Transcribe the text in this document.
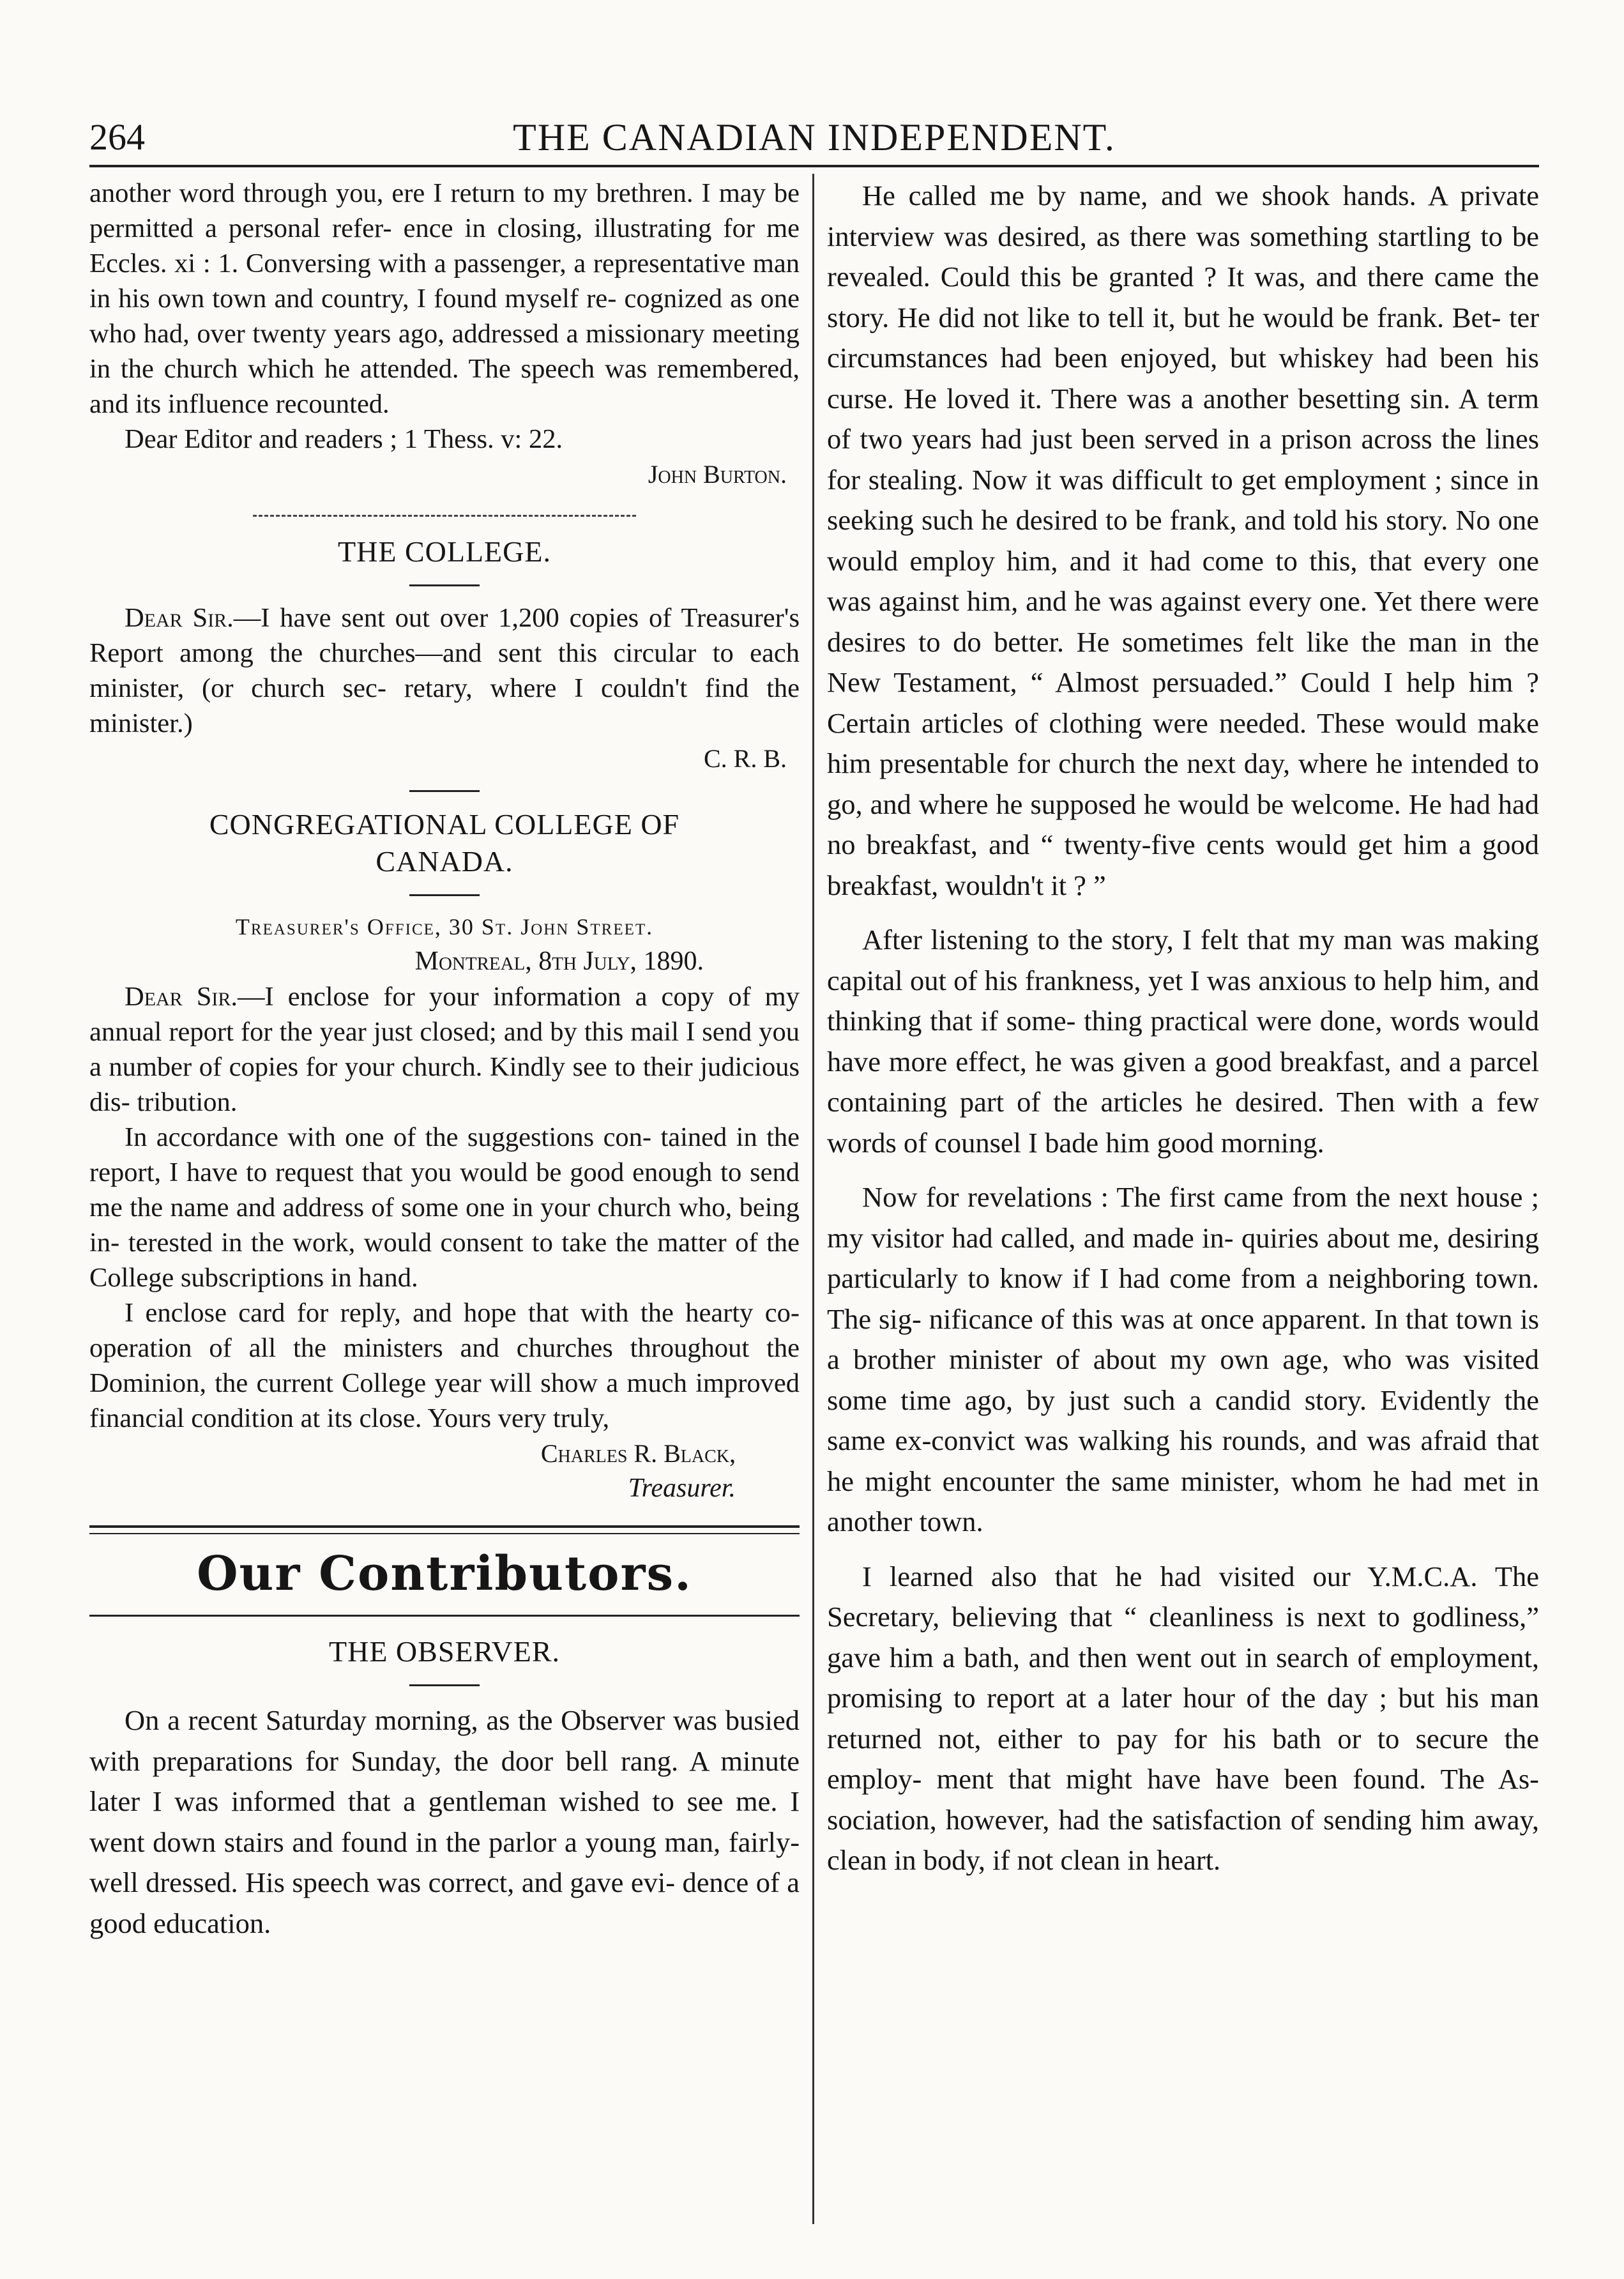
264	THE CANADIAN INDEPENDENT.

another word through you, ere I return to my brethren. I may be permitted a personal refer- ence in closing, illustrating for me Eccles. xi : 1. Conversing with a passenger, a representative man in his own town and country, I found myself re- cognized as one who had, over twenty years ago, addressed a missionary meeting in the church which he attended. The speech was remembered, and its influence recounted.

Dear Editor and readers ; 1 Thess. v: 22.

John Burton.
THE COLLEGE.

Dear Sir.—I have sent out over 1,200 copies of Treasurer's Report among the churches—and sent this circular to each minister, (or church sec- retary, where I couldn't find the minister.)

C. R. B.
CONGREGATIONAL COLLEGE OF
CANADA.
Treasurer's Office, 30 St. John Street.
Montreal, 8th July, 1890.

Dear Sir.—I enclose for your information a copy of my annual report for the year just closed; and by this mail I send you a number of copies for your church. Kindly see to their judicious dis- tribution.

In accordance with one of the suggestions con- tained in the report, I have to request that you would be good enough to send me the name and address of some one in your church who, being in- terested in the work, would consent to take the matter of the College subscriptions in hand.

I enclose card for reply, and hope that with the hearty co-operation of all the ministers and churches throughout the Dominion, the current College year will show a much improved financial condition at its close. Yours very truly,

Charles R. Black,
Treasurer.
Our Contributors.
THE OBSERVER.

On a recent Saturday morning, as the Observer was busied with preparations for Sunday, the door bell rang. A minute later I was informed that a gentleman wished to see me. I went down stairs and found in the parlor a young man, fairly-well dressed. His speech was correct, and gave evi- dence of a good education.

He called me by name, and we shook hands. A private interview was desired, as there was something startling to be revealed. Could this be granted ? It was, and there came the story. He did not like to tell it, but he would be frank. Bet- ter circumstances had been enjoyed, but whiskey had been his curse. He loved it. There was a another besetting sin. A term of two years had just been served in a prison across the lines for stealing. Now it was difficult to get employment ; since in seeking such he desired to be frank, and told his story. No one would employ him, and it had come to this, that every one was against him, and he was against every one. Yet there were desires to do better. He sometimes felt like the man in the New Testament, “ Almost persuaded.” Could I help him ? Certain articles of clothing were needed. These would make him presentable for church the next day, where he intended to go, and where he supposed he would be welcome. He had had no breakfast, and “ twenty-five cents would get him a good breakfast, wouldn't it ? ”

After listening to the story, I felt that my man was making capital out of his frankness, yet I was anxious to help him, and thinking that if some- thing practical were done, words would have more effect, he was given a good breakfast, and a parcel containing part of the articles he desired. Then with a few words of counsel I bade him good morning.

Now for revelations : The first came from the next house ; my visitor had called, and made in- quiries about me, desiring particularly to know if I had come from a neighboring town. The sig- nificance of this was at once apparent. In that town is a brother minister of about my own age, who was visited some time ago, by just such a candid story. Evidently the same ex-convict was walking his rounds, and was afraid that he might encounter the same minister, whom he had met in another town.

I learned also that he had visited our Y.M.C.A. The Secretary, believing that “ cleanliness is next to godliness,” gave him a bath, and then went out in search of employment, promising to report at a later hour of the day ; but his man returned not, either to pay for his bath or to secure the employ- ment that might have have been found. The As- sociation, however, had the satisfaction of sending him away, clean in body, if not clean in heart.
